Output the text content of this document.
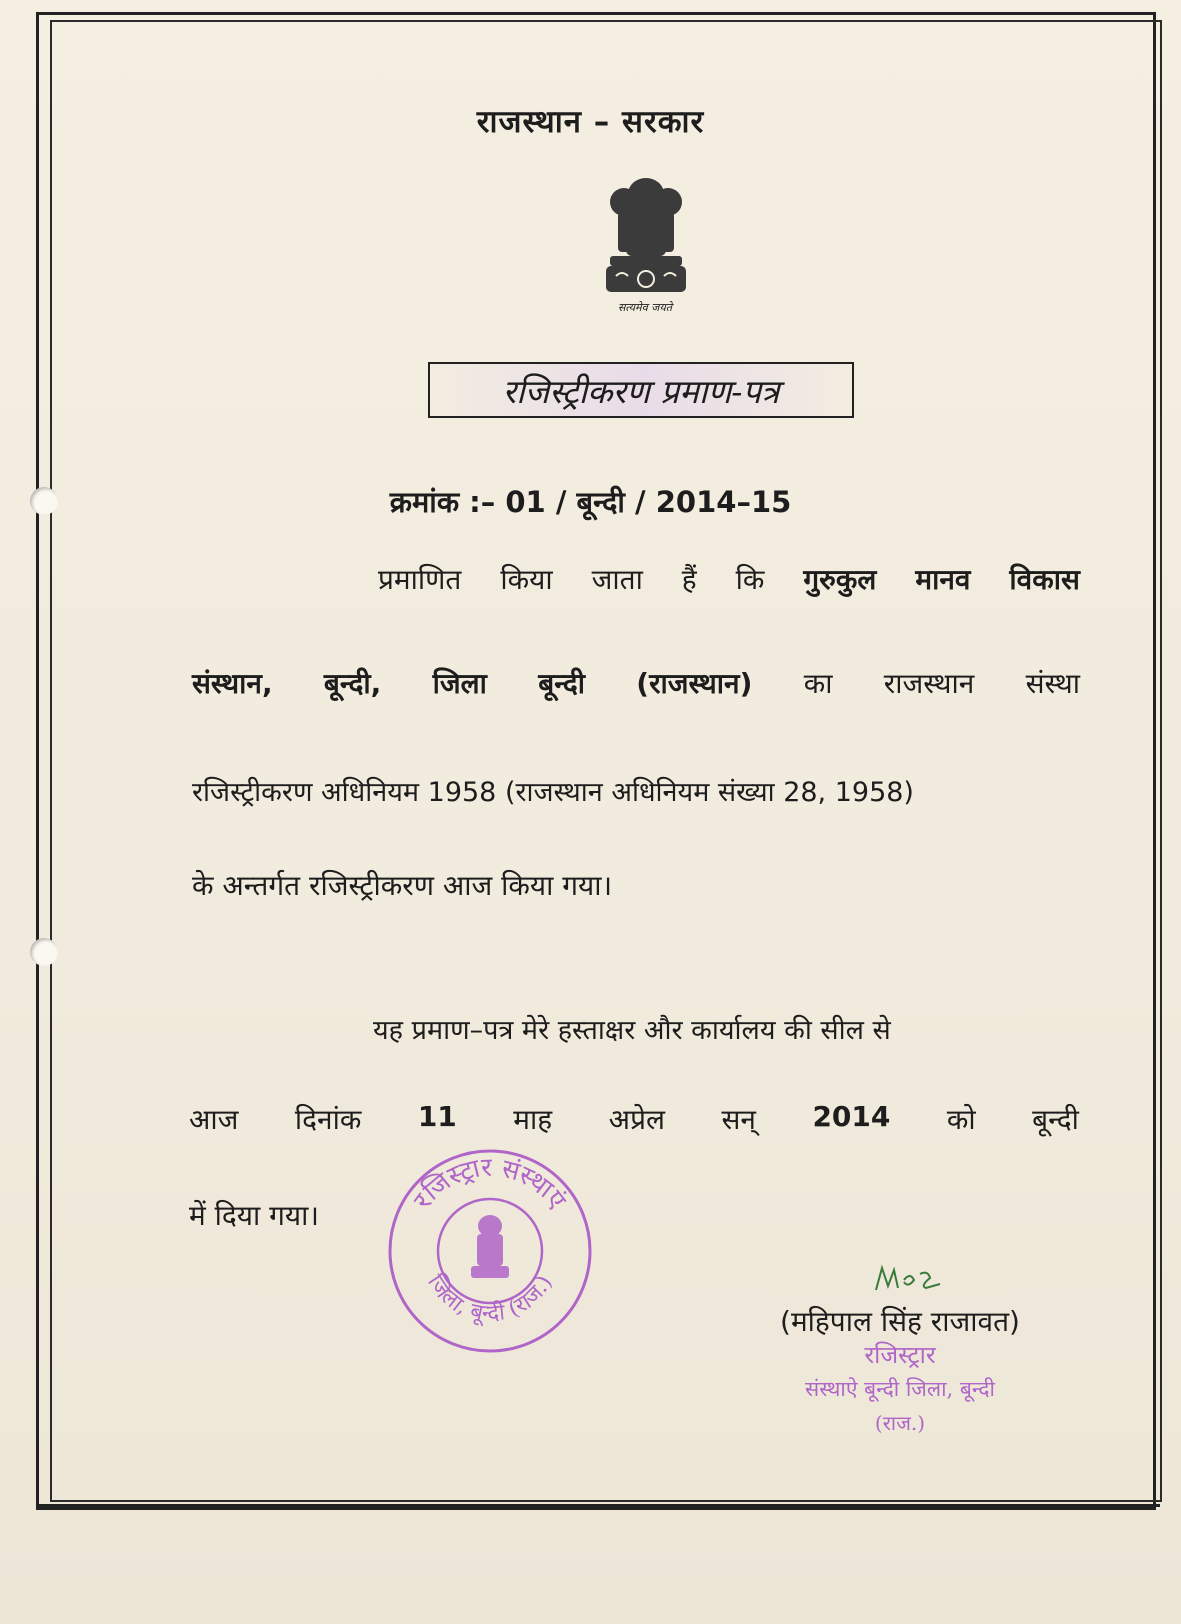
राजस्थान – सरकार
सत्यमेव जयते
रजिस्ट्रीकरण प्रमाण-पत्र
क्रमांक :– 01 / बून्दी / 2014–15
प्रमाणित किया जाता हैं कि गुरुकुल मानव विकास
संस्थान, बून्दी, जिला बून्दी (राजस्थान) का राजस्थान संस्था
रजिस्ट्रीकरण अधिनियम 1958 (राजस्थान अधिनियम संख्या 28, 1958)
के अन्तर्गत रजिस्ट्रीकरण आज किया गया।
यह प्रमाण–पत्र मेरे हस्ताक्षर और कार्यालय की सील से
आज दिनांक 11 माह अप्रेल सन् 2014 को बून्दी
में दिया गया।	रजिस्ट्रार संस्थाएं
जिला, बून्दी (राज.)
(महिपाल सिंह राजावत)
रजिस्ट्रार
संस्थाऐ बून्दी जिला, बून्दी
(राज.)
